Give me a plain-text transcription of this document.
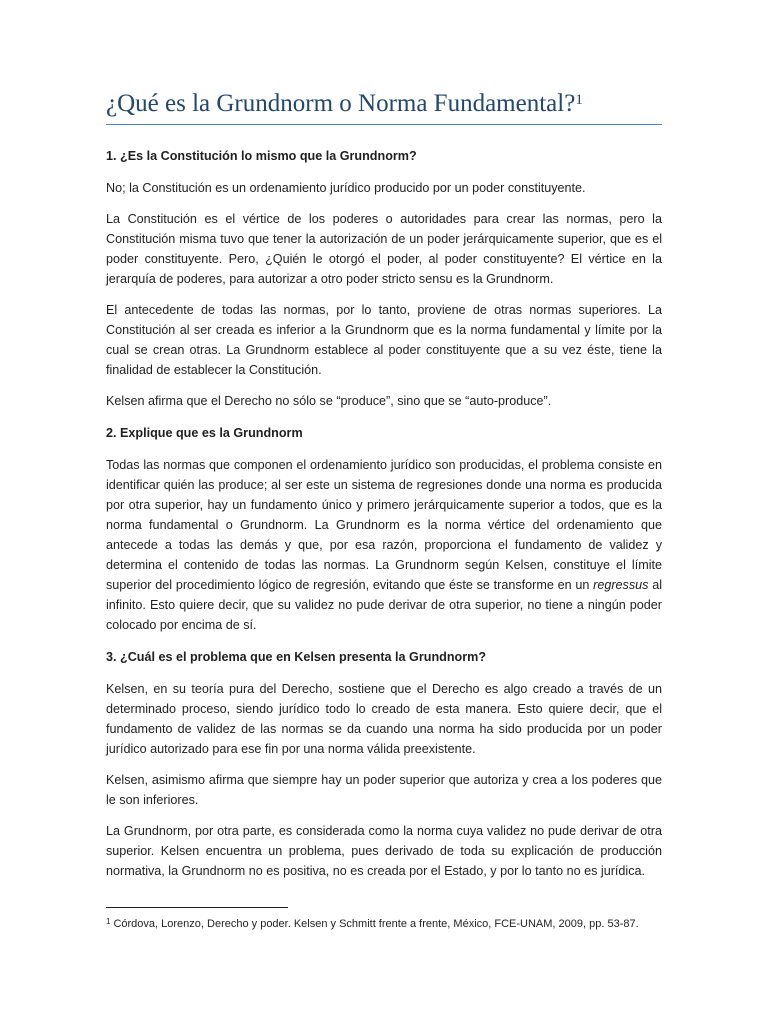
¿Qué es la Grundnorm o Norma Fundamental?$^1$

1. ¿Es la Constitución lo mismo que la Grundnorm?

No; la Constitución es un ordenamiento jurídico producido por un poder constituyente.

La Constitución es el vértice de los poderes o autoridades para crear las normas, pero la Constitución misma tuvo que tener la autorización de un poder jerárquicamente superior, que es el poder constituyente. Pero, ¿Quién le otorgó el poder, al poder constituyente? El vértice en la jerarquía de poderes, para autorizar a otro poder stricto sensu es la Grundnorm.

El antecedente de todas las normas, por lo tanto, proviene de otras normas superiores. La Constitución al ser creada es inferior a la Grundnorm que es la norma fundamental y límite por la cual se crean otras. La Grundnorm establece al poder constituyente que a su vez éste, tiene la finalidad de establecer la Constitución.

Kelsen afirma que el Derecho no sólo se “produce”, sino que se “auto-produce”.

2. Explique que es la Grundnorm

Todas las normas que componen el ordenamiento jurídico son producidas, el problema consiste en identificar quién las produce; al ser este un sistema de regresiones donde una norma es producida por otra superior, hay un fundamento único y primero jerárquicamente superior a todos, que es la norma fundamental o Grundnorm. La Grundnorm es la norma vértice del ordenamiento que antecede a todas las demás y que, por esa razón, proporciona el fundamento de validez y determina el contenido de todas las normas. La Grundnorm según Kelsen, constituye el límite superior del procedimiento lógico de regresión, evitando que éste se transforme en un regressus al infinito. Esto quiere decir, que su validez no pude derivar de otra superior, no tiene a ningún poder colocado por encima de sí.

3. ¿Cuál es el problema que en Kelsen presenta la Grundnorm?

Kelsen, en su teoría pura del Derecho, sostiene que el Derecho es algo creado a través de un determinado proceso, siendo jurídico todo lo creado de esta manera. Esto quiere decir, que el fundamento de validez de las normas se da cuando una norma ha sido producida por un poder jurídico autorizado para ese fin por una norma válida preexistente.

Kelsen, asimismo afirma que siempre hay un poder superior que autoriza y crea a los poderes que le son inferiores.

La Grundnorm, por otra parte, es considerada como la norma cuya validez no pude derivar de otra superior. Kelsen encuentra un problema, pues derivado de toda su explicación de producción normativa, la Grundnorm no es positiva, no es creada por el Estado, y por lo tanto no es jurídica.

$^1$ Córdova, Lorenzo, Derecho y poder. Kelsen y Schmitt frente a frente, México, FCE-UNAM, 2009, pp. 53-87.
